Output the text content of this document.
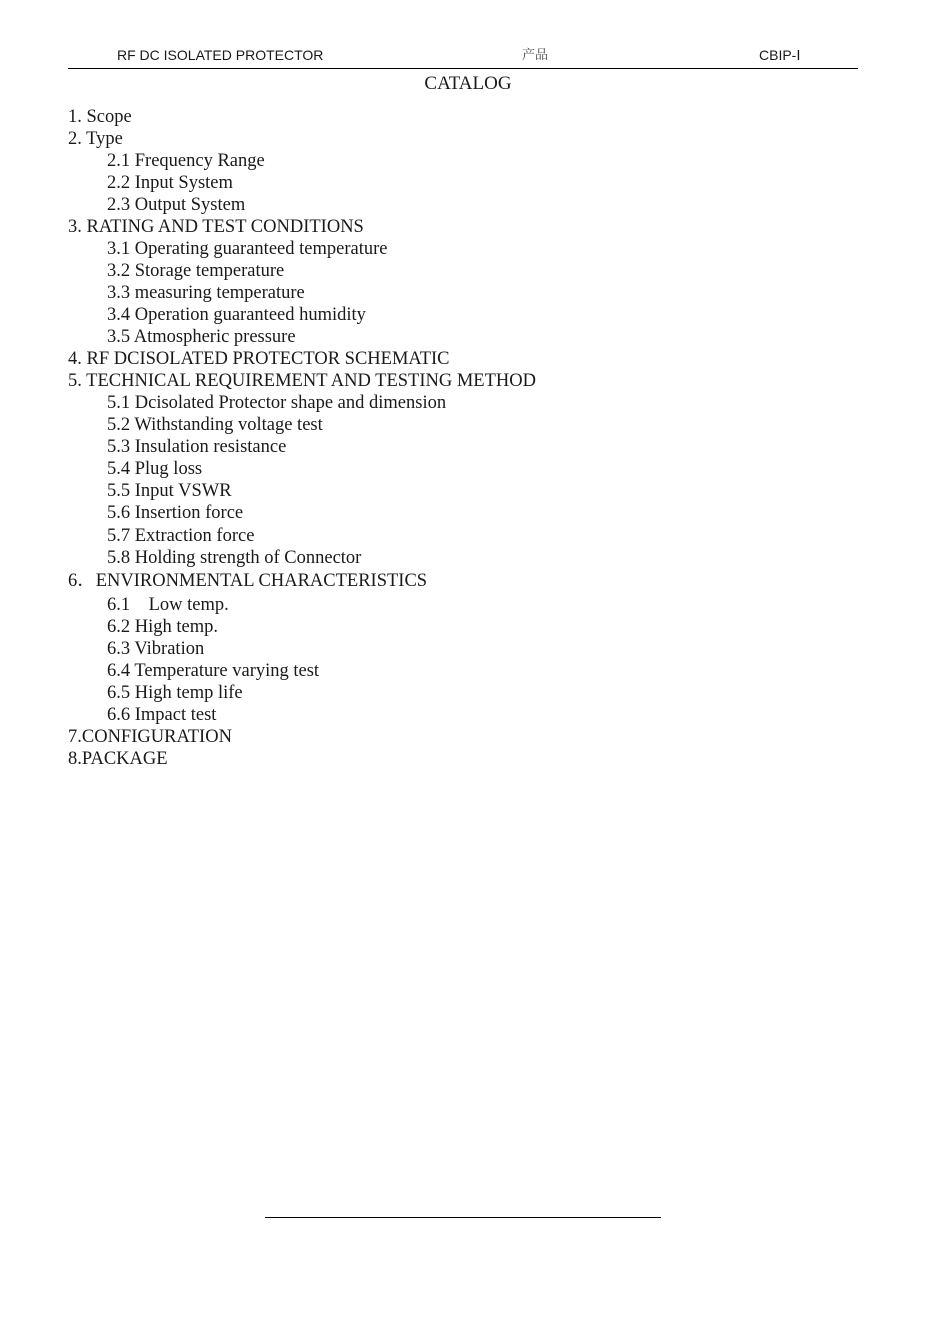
RF DC ISOLATED PROTECTOR	产品	CBIP-Ⅰ
CATALOG
1. Scope
2. Type
2.1 Frequency Range
2.2 Input System
2.3 Output System
3. RATING AND TEST CONDITIONS
3.1 Operating guaranteed temperature
3.2 Storage temperature
3.3 measuring temperature
3.4 Operation guaranteed humidity
3.5 Atmospheric pressure
4. RF DCISOLATED PROTECTOR SCHEMATIC
5. TECHNICAL REQUIREMENT AND TESTING METHOD
5.1 Dcisolated Protector shape and dimension
5.2 Withstanding voltage test
5.3 Insulation resistance
5.4 Plug loss
5.5 Input VSWR
5.6 Insertion force
5.7 Extraction force
5.8 Holding strength of Connector
6．ENVIRONMENTAL CHARACTERISTICS
6.1    Low temp.
6.2 High temp.
6.3 Vibration
6.4 Temperature varying test
6.5 High temp life
6.6 Impact test
7.CONFIGURATION
8.PACKAGE
